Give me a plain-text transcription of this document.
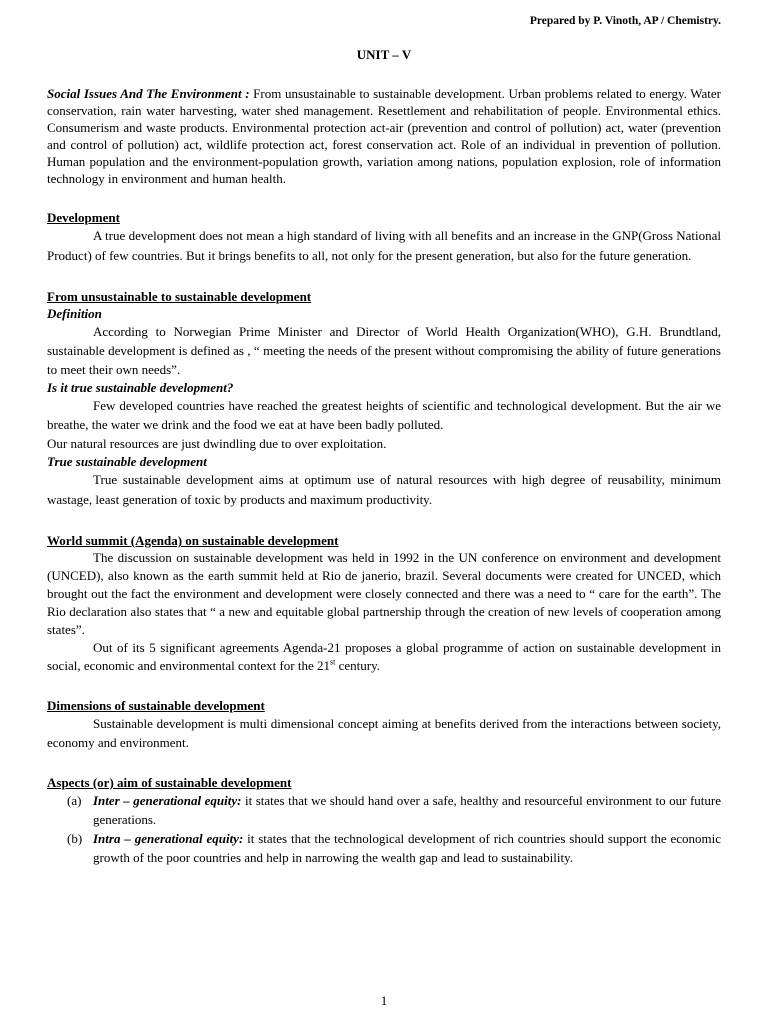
Prepared by P. Vinoth, AP / Chemistry.
UNIT – V

Social Issues And The Environment : From unsustainable to sustainable development. Urban problems related to energy. Water conservation, rain water harvesting, water shed management. Resettlement and rehabilitation of people. Environmental ethics. Consumerism and waste products. Environmental protection act-air (prevention and control of pollution) act, water (prevention and control of pollution) act, wildlife protection act, forest conservation act. Role of an individual in prevention of pollution. Human population and the environment-population growth, variation among nations, population explosion, role of information technology in environment and human health.

Development

A true development does not mean a high standard of living with all benefits and an increase in the GNP(Gross National Product) of few countries. But it brings benefits to all, not only for the present generation, but also for the future generation.

From unsustainable to sustainable development

Definition

According to Norwegian Prime Minister and Director of World Health Organization(WHO), G.H. Brundtland, sustainable development is defined as , “ meeting the needs of the present without compromising the ability of future generations to meet their own needs”.

Is it true sustainable development?

Few developed countries have reached the greatest heights of scientific and technological development. But the air we breathe, the water we drink and the food we eat at have been badly polluted.

Our natural resources are just dwindling due to over exploitation.

True sustainable development

True sustainable development aims at optimum use of natural resources with high degree of reusability, minimum wastage, least generation of toxic by products and maximum productivity.

World summit (Agenda) on sustainable development

The discussion on sustainable development was held in 1992 in the UN conference on environment and development (UNCED), also known as the earth summit held at Rio de janerio, brazil. Several documents were created for UNCED, which brought out the fact the environment and development were closely connected and there was a need to “ care for the earth”. The Rio declaration also states that “ a new and equitable global partnership through the creation of new levels of cooperation among states”.

Out of its 5 significant agreements Agenda-21 proposes a global programme of action on sustainable development in social, economic and environmental context for the 21st century.

Dimensions of sustainable development

Sustainable development is multi dimensional concept aiming at benefits derived from the interactions between society, economy and environment.

Aspects (or) aim of sustainable development

(a) Inter – generational equity: it states that we should hand over a safe, healthy and resourceful environment to our future generations.
(b) Intra – generational equity: it states that the technological development of rich countries should support the economic growth of the poor countries and help in narrowing the wealth gap and lead to sustainability.
1
